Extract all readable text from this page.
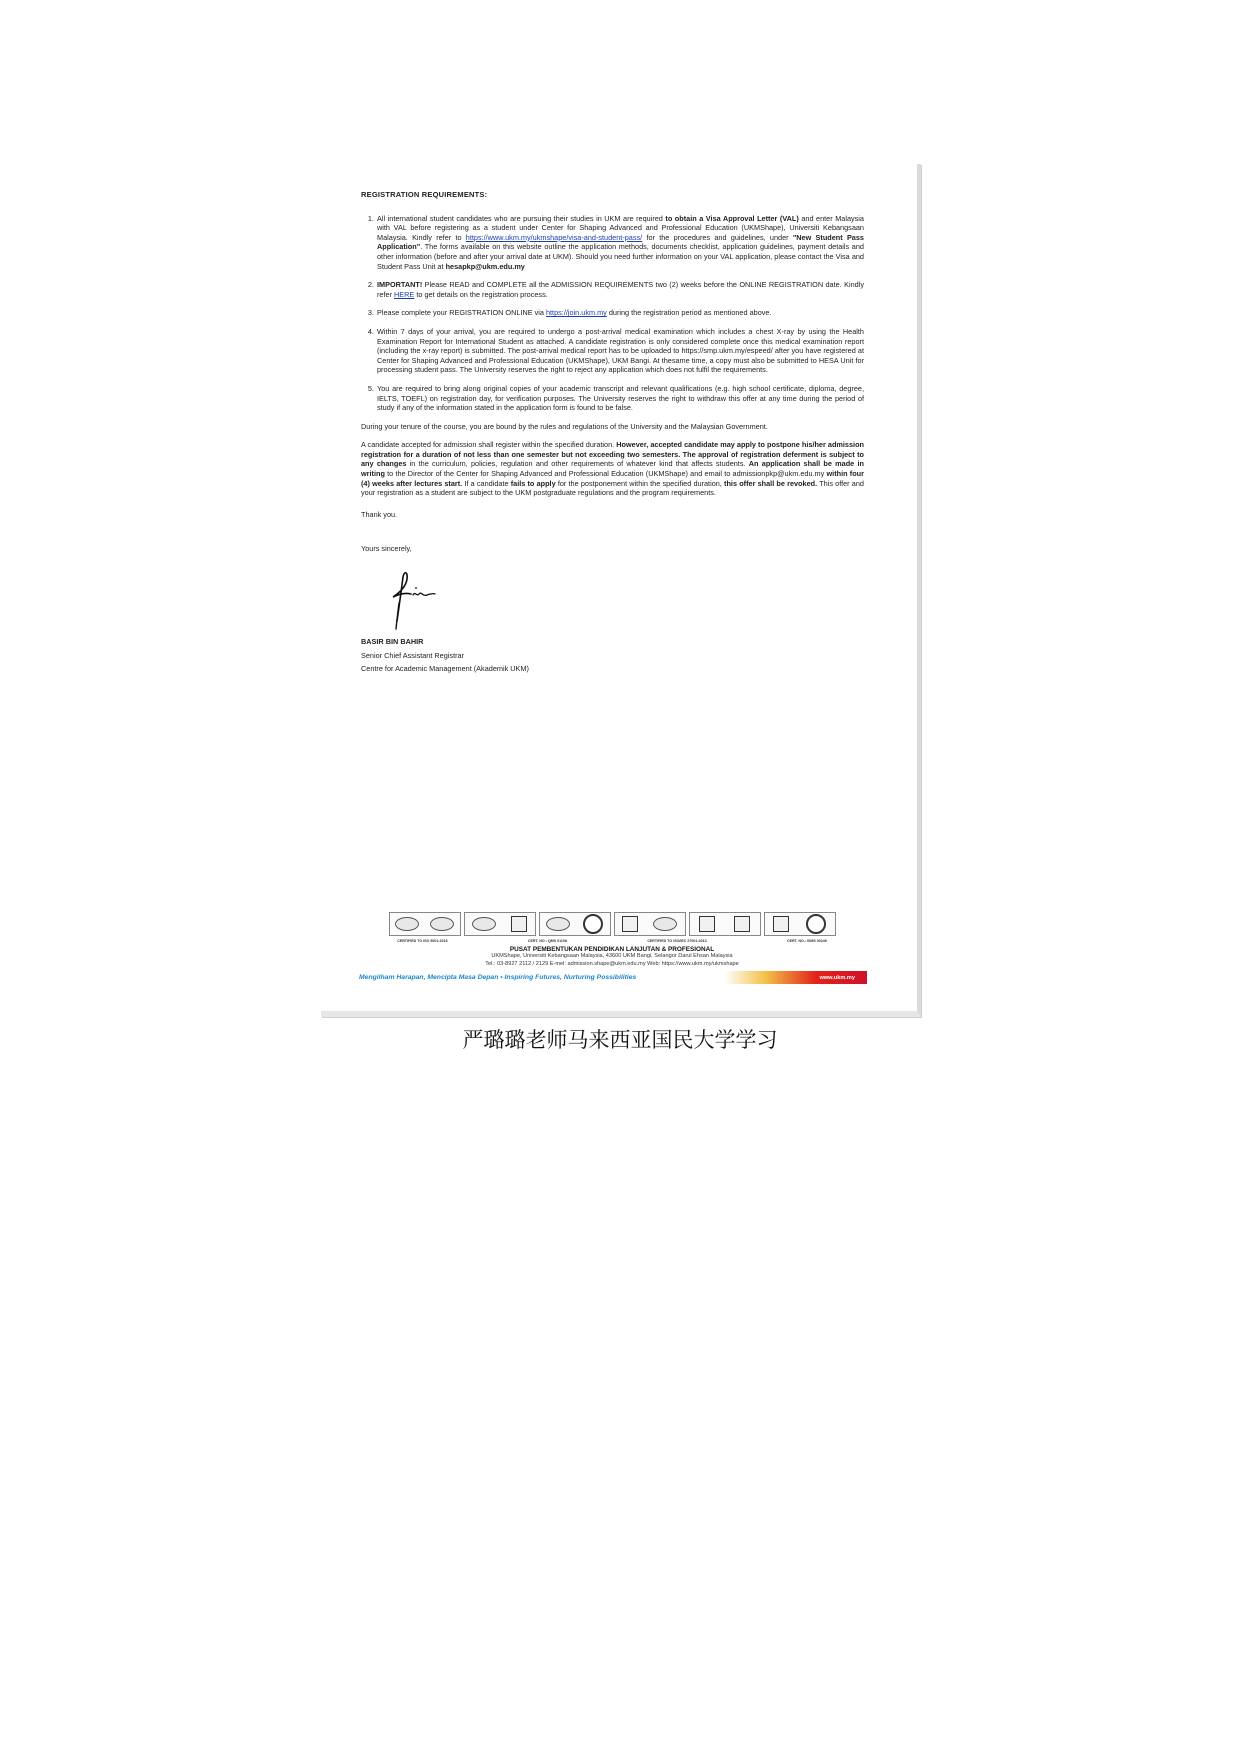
REGISTRATION REQUIREMENTS:
1. All international student candidates who are pursuing their studies in UKM are required to obtain a Visa Approval Letter (VAL) and enter Malaysia with VAL before registering as a student under Center for Shaping Advanced and Professional Education (UKMShape), Universiti Kebangsaan Malaysia. Kindly refer to https://www.ukm.my/ukmshape/visa-and-student-pass/ for the procedures and guidelines, under "New Student Pass Application". The forms available on this website outline the application methods, documents checklist, application guidelines, payment details and other information (before and after your arrival date at UKM). Should you need further information on your VAL application, please contact the Visa and Student Pass Unit at hesapkp@ukm.edu.my
2. IMPORTANT! Please READ and COMPLETE all the ADMISSION REQUIREMENTS two (2) weeks before the ONLINE REGISTRATION date. Kindly refer HERE to get details on the registration process.
3. Please complete your REGISTRATION ONLINE via https://join.ukm.my during the registration period as mentioned above.
4. Within 7 days of your arrival, you are required to undergo a post-arrival medical examination which includes a chest X-ray by using the Health Examination Report for International Student as attached. A candidate registration is only considered complete once this medical examination report (including the x-ray report) is submitted. The post-arrival medical report has to be uploaded to https://smp.ukm.my/espeed/ after you have registered at Center for Shaping Advanced and Professional Education (UKMShape), UKM Bangi. At thesame time, a copy must also be submitted to HESA Unit for processing student pass. The University reserves the right to reject any application which does not fulfil the requirements.
5. You are required to bring along original copies of your academic transcript and relevant qualifications (e.g. high school certificate, diploma, degree, IELTS, TOEFL) on registration day, for verification purposes. The University reserves the right to withdraw this offer at any time during the period of study if any of the information stated in the application form is found to be false.

During your tenure of the course, you are bound by the rules and regulations of the University and the Malaysian Government.

A candidate accepted for admission shall register within the specified duration. However, accepted candidate may apply to postpone his/her admission registration for a duration of not less than one semester but not exceeding two semesters. The approval of registration deferment is subject to any changes in the curriculum, policies, regulation and other requirements of whatever kind that affects students. An application shall be made in writing to the Director of the Center for Shaping Advanced and Professional Education (UKMShape) and email to admissionpkp@ukm.edu.my within four (4) weeks after lectures start. If a candidate fails to apply for the postponement within the specified duration, this offer shall be revoked. This offer and your registration as a student are subject to the UKM postgraduate regulations and the program requirements.

Thank you.

Yours sincerely,

BASIR BIN BAHIR
Senior Chief Assistant Registrar
Centre for Academic Management (Akademik UKM)
CERTIFIED TO ISO 9001:2015	CERT. NO.: QMS 01108	CERTIFIED TO ISO/IEC 27001:2013	CERT. NO.: ISMS 00249
PUSAT PEMBENTUKAN PENDIDIKAN LANJUTAN & PROFESIONAL
UKMShape, Universiti Kebangsaan Malaysia, 43600 UKM Bangi, Selangor Darul Ehsan Malaysia
Tel.: 03-8927 2112 / 2129 E-mel: admission.shape@ukm.edu.my Web: https://www.ukm.my/ukmshape
Mengilham Harapan, Mencipta Masa Depan • Inspiring Futures, Nurturing Possibilities	www.ukm.my
严璐璐老师马来西亚国民大学学习
